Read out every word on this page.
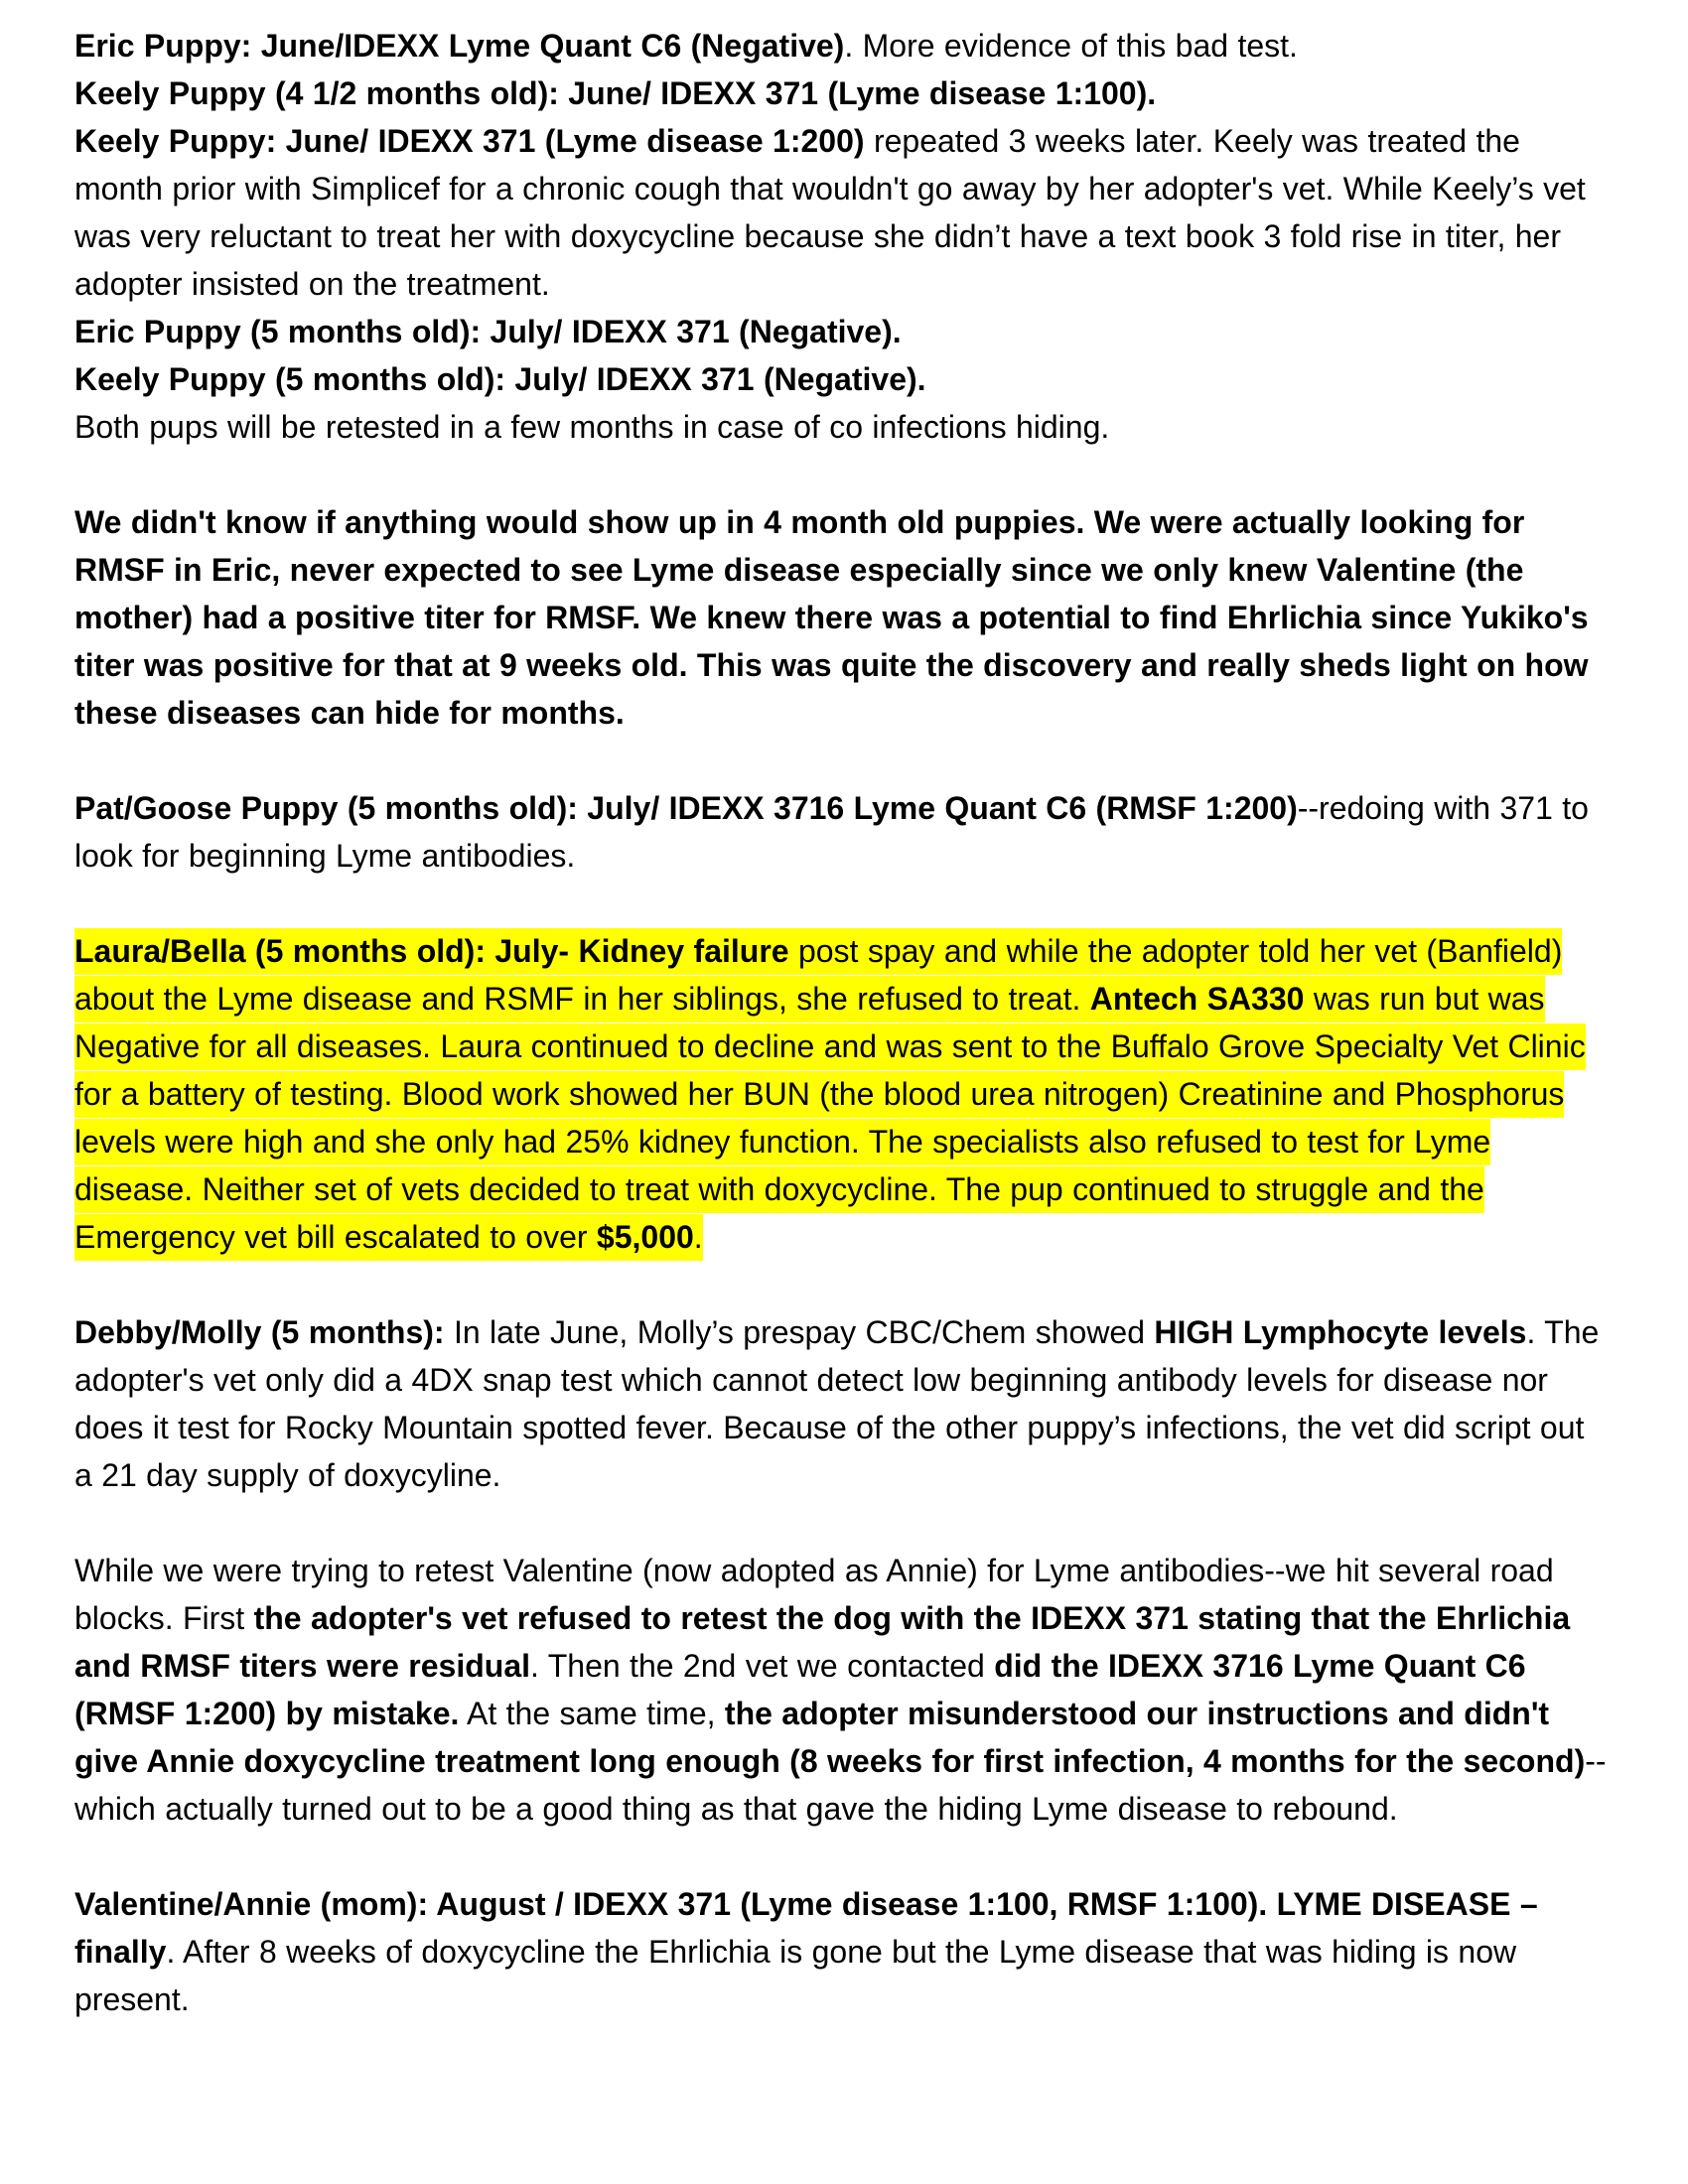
Eric Puppy: June/IDEXX Lyme Quant C6 (Negative). More evidence of this bad test.

Keely Puppy (4 1/2 months old): June/ IDEXX 371 (Lyme disease 1:100).

Keely Puppy: June/ IDEXX 371 (Lyme disease 1:200) repeated 3 weeks later. Keely was treated the month prior with Simplicef for a chronic cough that wouldn't go away by her adopter's vet. While Keely’s vet was very reluctant to treat her with doxycycline because she didn’t have a text book 3 fold rise in titer, her adopter insisted on the treatment.

Eric Puppy (5 months old): July/ IDEXX 371 (Negative).

Keely Puppy (5 months old): July/ IDEXX 371 (Negative).

Both pups will be retested in a few months in case of co infections hiding.

We didn't know if anything would show up in 4 month old puppies. We were actually looking for RMSF in Eric, never expected to see Lyme disease especially since we only knew Valentine (the mother) had a positive titer for RMSF. We knew there was a potential to find Ehrlichia since Yukiko's titer was positive for that at 9 weeks old. This was quite the discovery and really sheds light on how these diseases can hide for months.

Pat/Goose Puppy (5 months old): July/ IDEXX 3716 Lyme Quant C6 (RMSF 1:200)--redoing with 371 to look for beginning Lyme antibodies.

Laura/Bella (5 months old): July- Kidney failure post spay and while the adopter told her vet (Banfield) about the Lyme disease and RSMF in her siblings, she refused to treat. Antech SA330 was run but was Negative for all diseases. Laura continued to decline and was sent to the Buffalo Grove Specialty Vet Clinic for a battery of testing. Blood work showed her BUN (the blood urea nitrogen) Creatinine and Phosphorus levels were high and she only had 25% kidney function. The specialists also refused to test for Lyme disease. Neither set of vets decided to treat with doxycycline. The pup continued to struggle and the Emergency vet bill escalated to over $5,000.

Debby/Molly (5 months): In late June, Molly’s prespay CBC/Chem showed HIGH Lymphocyte levels. The adopter's vet only did a 4DX snap test which cannot detect low beginning antibody levels for disease nor does it test for Rocky Mountain spotted fever. Because of the other puppy’s infections, the vet did script out a 21 day supply of doxycyline.

While we were trying to retest Valentine (now adopted as Annie) for Lyme antibodies--we hit several road blocks. First the adopter's vet refused to retest the dog with the IDEXX 371 stating that the Ehrlichia and RMSF titers were residual. Then the 2nd vet we contacted did the IDEXX 3716 Lyme Quant C6 (RMSF 1:200) by mistake. At the same time, the adopter misunderstood our instructions and didn't give Annie doxycycline treatment long enough (8 weeks for first infection, 4 months for the second)--which actually turned out to be a good thing as that gave the hiding Lyme disease to rebound.

Valentine/Annie (mom): August / IDEXX 371 (Lyme disease 1:100, RMSF 1:100). LYME DISEASE –finally. After 8 weeks of doxycycline the Ehrlichia is gone but the Lyme disease that was hiding is now present.
